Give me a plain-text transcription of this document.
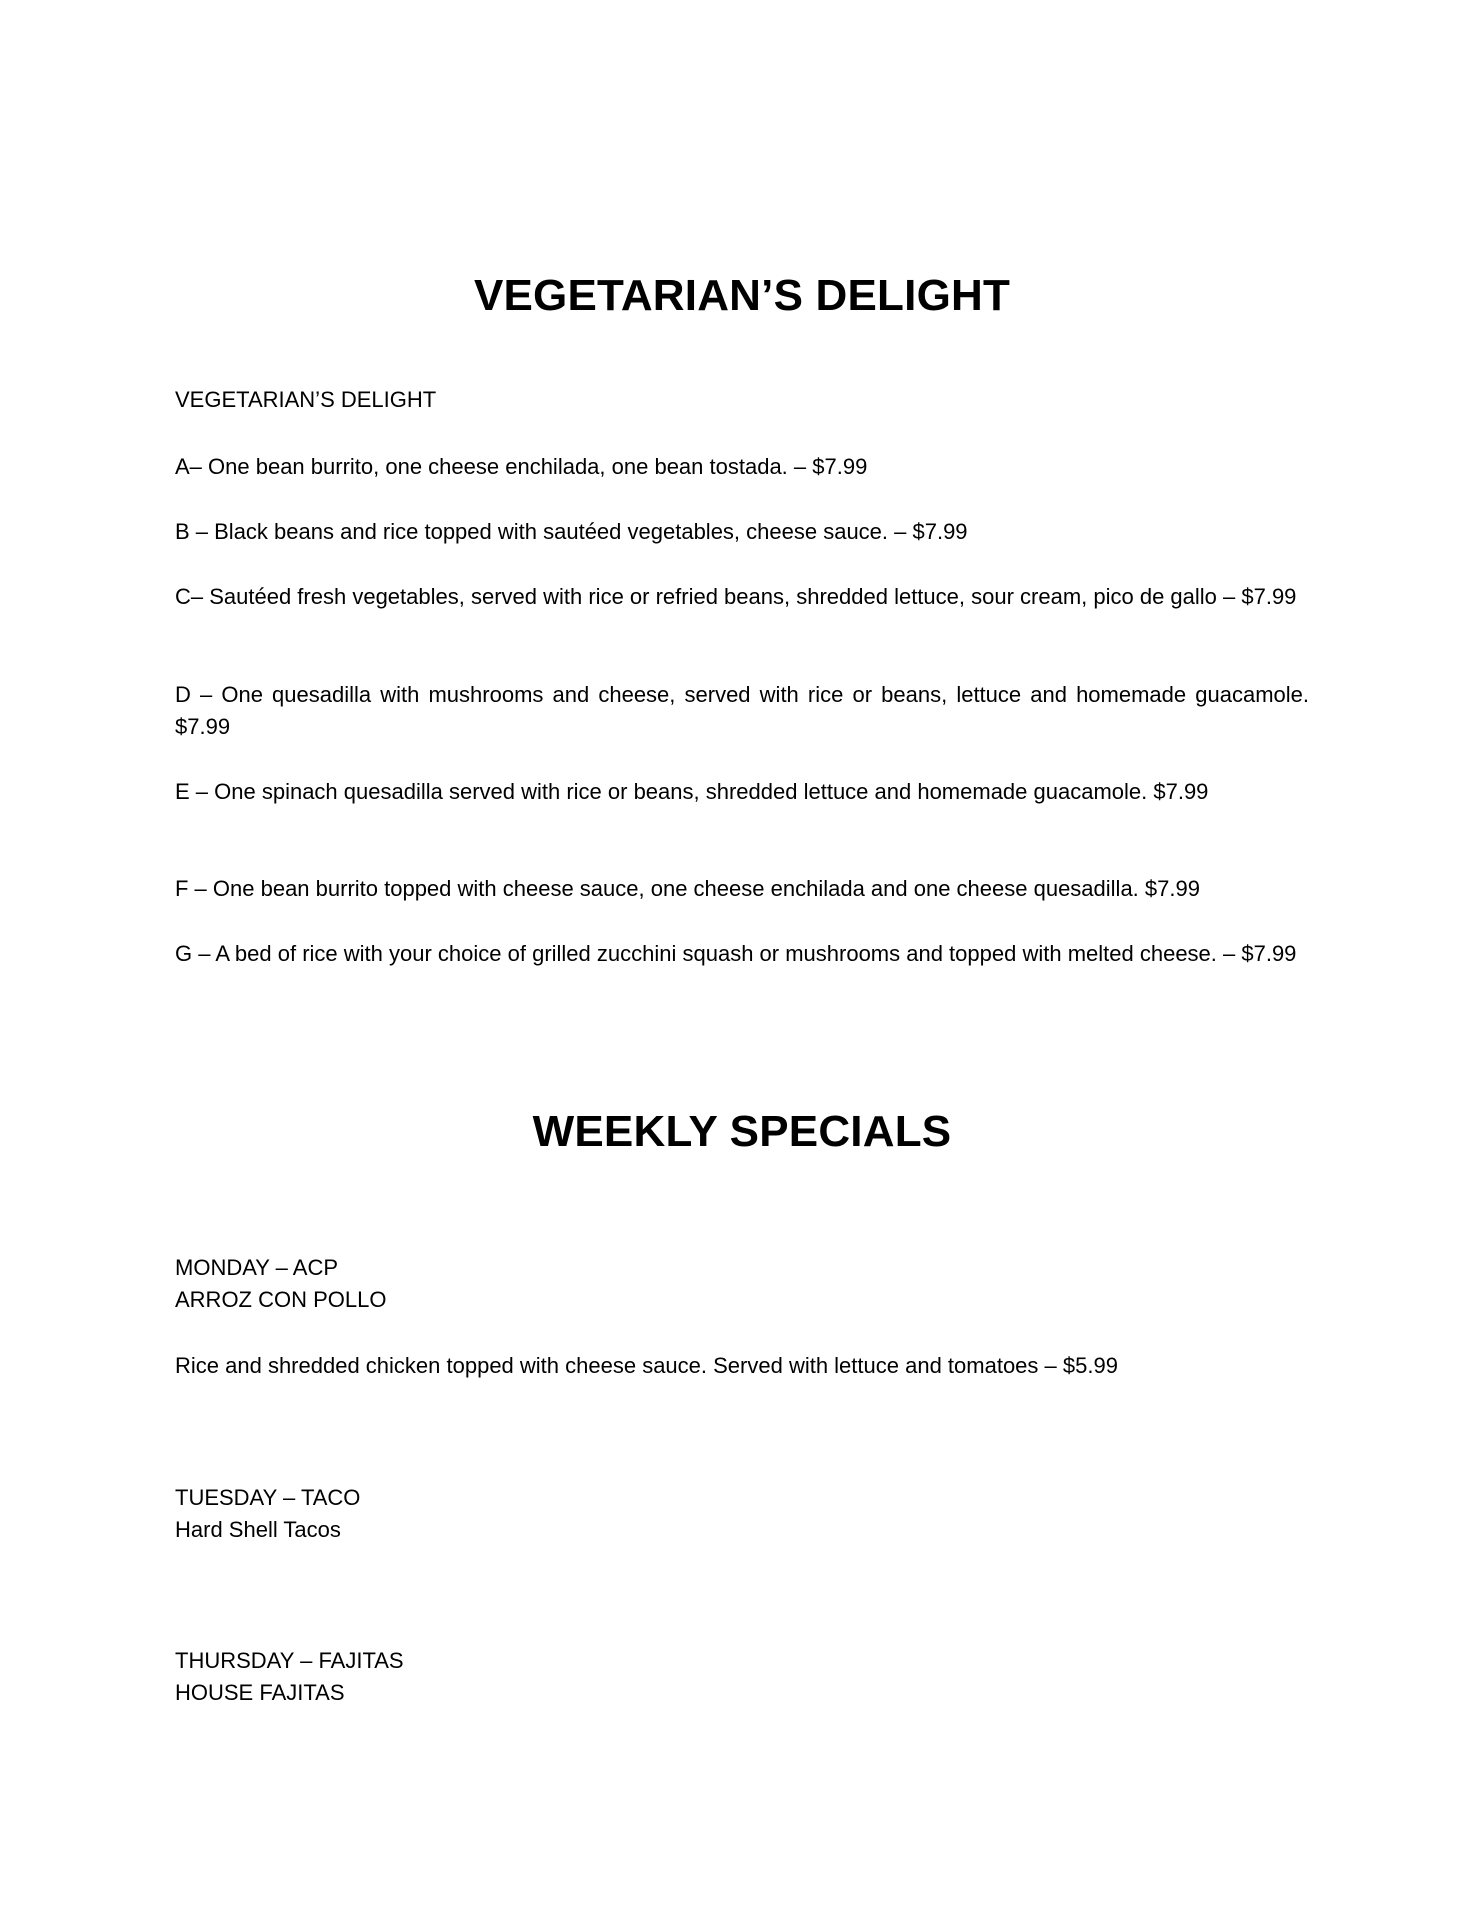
VEGETARIAN’S DELIGHT

VEGETARIAN’S DELIGHT

A– One bean burrito, one cheese enchilada, one bean tostada. – $7.99

B – Black beans and rice topped with sautéed vegetables, cheese sauce. – $7.99

C– Sautéed fresh vegetables, served with rice or refried beans, shredded lettuce, sour cream, pico de gallo – $7.99

D – One quesadilla with mushrooms and cheese, served with rice or beans, lettuce and homemade guacamole. $7.99

E – One spinach quesadilla served with rice or beans, shredded lettuce and homemade guacamole. $7.99

F – One bean burrito topped with cheese sauce, one cheese enchilada and one cheese quesadilla. $7.99

G – A bed of rice with your choice of grilled zucchini squash or mushrooms and topped with melted cheese. – $7.99

WEEKLY SPECIALS

MONDAY – ACP
ARROZ CON POLLO

Rice and shredded chicken topped with cheese sauce. Served with lettuce and tomatoes – $5.99

TUESDAY – TACO
Hard Shell Tacos

THURSDAY – FAJITAS
HOUSE FAJITAS
